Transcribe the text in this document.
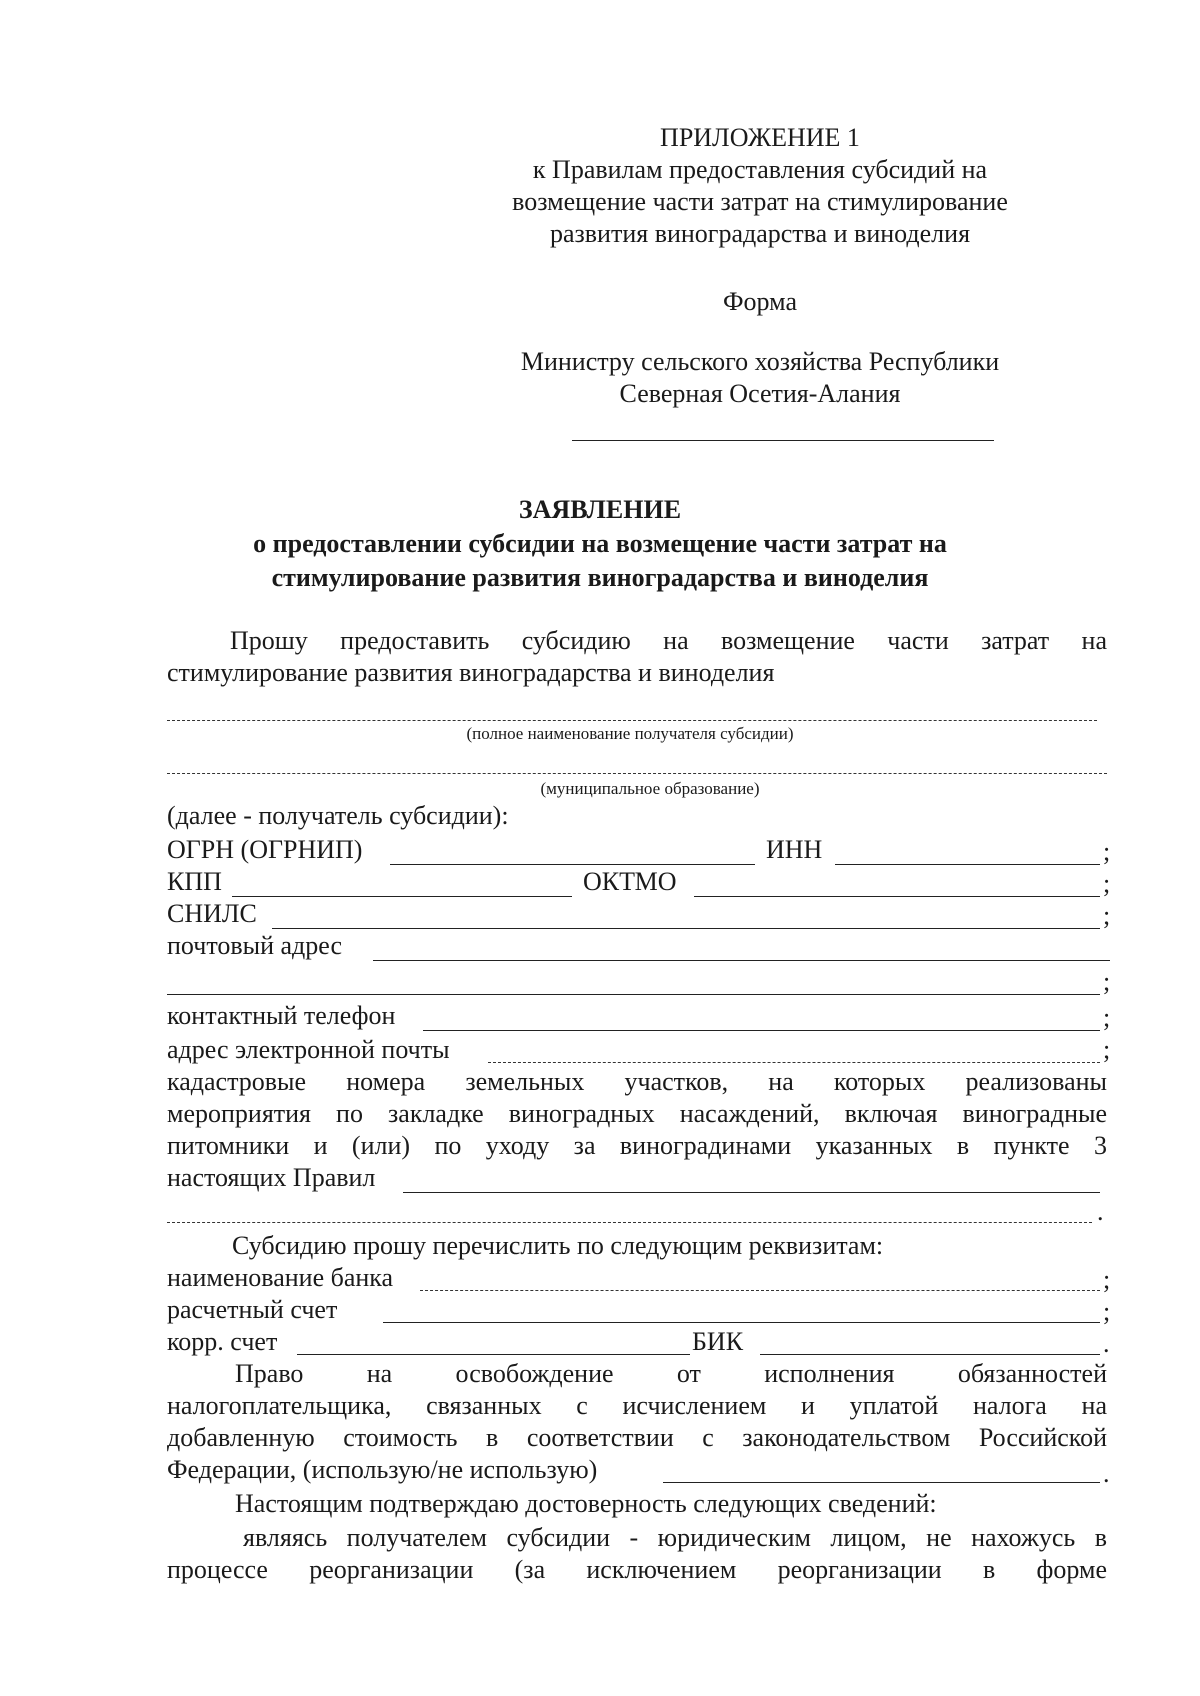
ПРИЛОЖЕНИЕ 1
к Правилам предоставления субсидий на
возмещение части затрат на стимулирование
развития виноградарства и виноделия
Форма
Министру сельского хозяйства Республики
Северная Осетия-Алания
ЗАЯВЛЕНИЕ
о предоставлении субсидии на возмещение части затрат на
стимулирование развития виноградарства и виноделия
Прошу предоставить субсидию на возмещение части затрат на
стимулирование развития виноградарства и виноделия
(полное наименование получателя субсидии)
(муниципальное образование)
(далее - получатель субсидии):
ОГРН (ОГРНИП)	ИНН	;
КПП	ОКТМО	;
СНИЛС	;
почтовый адрес
;
контактный телефон	;
адрес электронной почты	;
кадастровые номера земельных участков, на которых реализованы
мероприятия по закладке виноградных насаждений, включая виноградные
питомники и (или) по уходу за виноградинами указанных в пункте 3
настоящих Правил
.
Субсидию прошу перечислить по следующим реквизитам:
наименование банка	;
расчетный счет	;
корр. счет	БИК	.
Право на освобождение от исполнения обязанностей
налогоплательщика, связанных с исчислением и уплатой налога на
добавленную стоимость в соответствии с законодательством Российской
Федерации, (использую/не использую)	.
Настоящим подтверждаю достоверность следующих сведений:
являясь получателем субсидии - юридическим лицом, не нахожусь в
процессе реорганизации (за исключением реорганизации в форме
